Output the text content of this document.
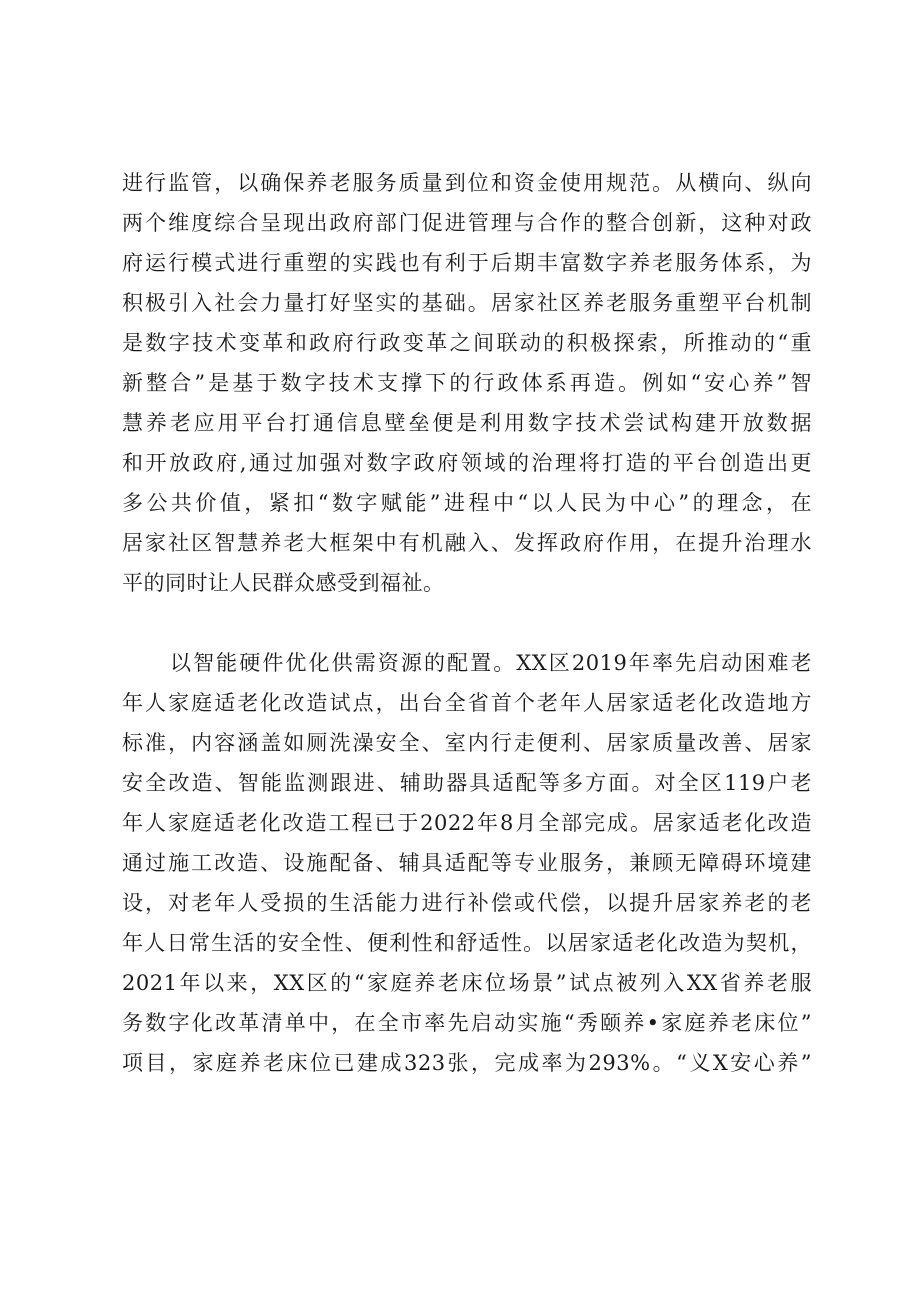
进行监管，以确保养老服务质量到位和资金使用规范。从横向、纵向
两个维度综合呈现出政府部门促进管理与合作的整合创新，这种对政
府运行模式进行重塑的实践也有利于后期丰富数字养老服务体系，为
积极引入社会力量打好坚实的基础。居家社区养老服务重塑平台机制
是数字技术变革和政府行政变革之间联动的积极探索，所推动的“重
新整合”是基于数字技术支撑下的行政体系再造。例如“安心养”智
慧养老应用平台打通信息壁垒便是利用数字技术尝试构建开放数据
和开放政府,通过加强对数字政府领域的治理将打造的平台创造出更
多公共价值，紧扣“数字赋能”进程中“以人民为中心”的理念，在
居家社区智慧养老大框架中有机融入、发挥政府作用，在提升治理水
平的同时让人民群众感受到福祉。
以智能硬件优化供需资源的配置。XX区2019年率先启动困难老
年人家庭适老化改造试点，出台全省首个老年人居家适老化改造地方
标准，内容涵盖如厕洗澡安全、室内行走便利、居家质量改善、居家
安全改造、智能监测跟进、辅助器具适配等多方面。对全区119户老
年人家庭适老化改造工程已于2022年8月全部完成。居家适老化改造
通过施工改造、设施配备、辅具适配等专业服务，兼顾无障碍环境建
设，对老年人受损的生活能力进行补偿或代偿，以提升居家养老的老
年人日常生活的安全性、便利性和舒适性。以居家适老化改造为契机，
2021年以来，XX区的“家庭养老床位场景”试点被列入XX省养老服
务数字化改革清单中，在全市率先启动实施“秀颐养•家庭养老床位”
项目，家庭养老床位已建成323张，完成率为293%。“义X安心养”
